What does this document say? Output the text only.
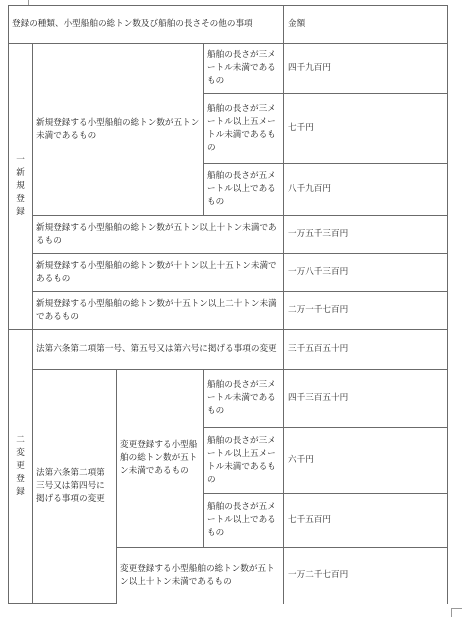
登録の種類、小型船舶の総トン数及び船舶の長さその他の事項				金額
一新規登録	新規登録する小型船舶の総トン数が五トン未満であるもの		船舶の長さが三メートル未満であるもの	四千九百円
			船舶の長さが三メートル以上五メートル未満であるもの	七千円
			船舶の長さが五メートル以上であるもの	八千九百円
	新規登録する小型船舶の総トン数が五トン以上十トン未満であるもの			一万五千三百円
	新規登録する小型船舶の総トン数が十トン以上十五トン未満であるもの			一万八千三百円
	新規登録する小型船舶の総トン数が十五トン以上二十トン未満であるもの			二万一千七百円
二変更登録	法第六条第二項第一号、第五号又は第六号に掲げる事項の変更			三千五百五十円
	法第六条第二項第三号又は第四号に掲げる事項の変更	変更登録する小型船舶の総トン数が五トン未満であるもの	船舶の長さが三メートル未満であるもの	四千三百五十円
			船舶の長さが三メートル以上五メートル未満であるもの	六千円
			船舶の長さが五メートル以上であるもの	七千五百円
		変更登録する小型船舶の総トン数が五トン以上十トン未満であるもの		一万二千七百円
